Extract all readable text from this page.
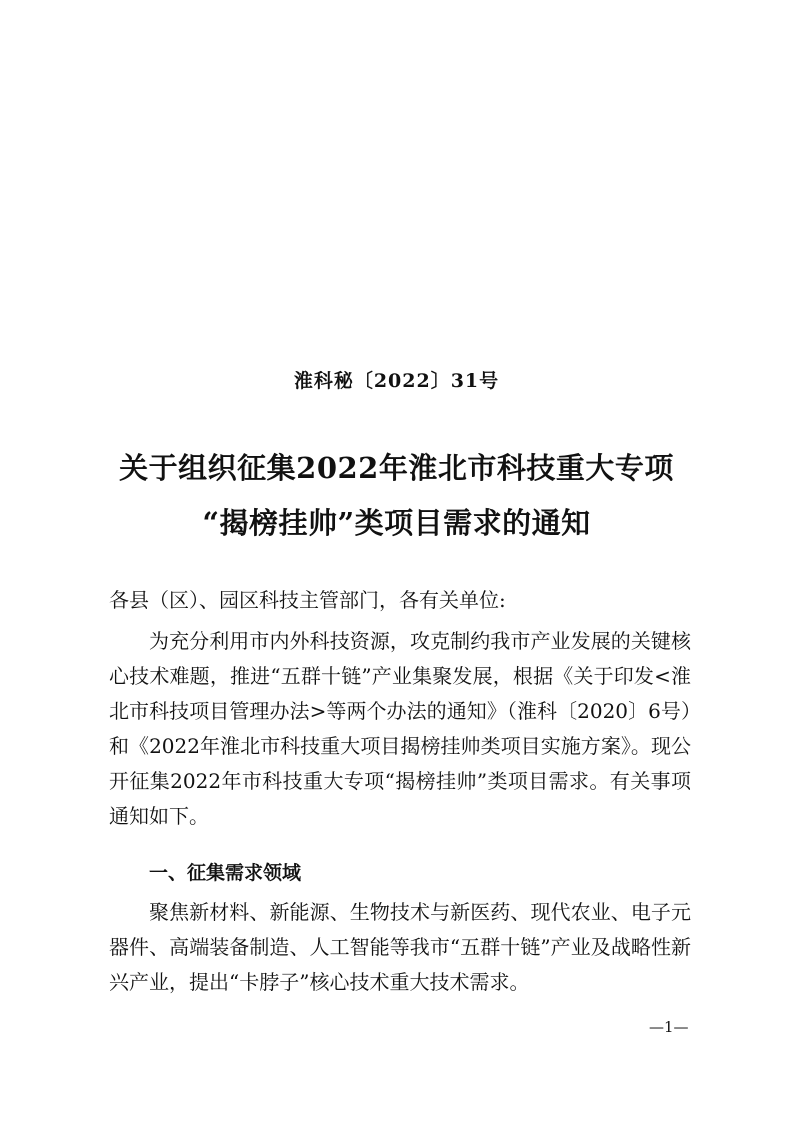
淮科秘〔2022〕31号
关于组织征集2022年淮北市科技重大专项
“揭榜挂帅”类项目需求的通知
各县（区）、园区科技主管部门，各有关单位:

为充分利用市内外科技资源，攻克制约我市产业发展的关键核心技术难题，推进“五群十链”产业集聚发展，根据《关于印发<淮北市科技项目管理办法>等两个办法的通知》（淮科〔2020〕6号）和《2022年淮北市科技重大项目揭榜挂帅类项目实施方案》。现公开征集2022年市科技重大专项“揭榜挂帅”类项目需求。有关事项通知如下。

一、征集需求领域

聚焦新材料、新能源、生物技术与新医药、现代农业、电子元器件、高端装备制造、人工智能等我市“五群十链”产业及战略性新兴产业，提出“卡脖子”核心技术重大技术需求。

—1—
